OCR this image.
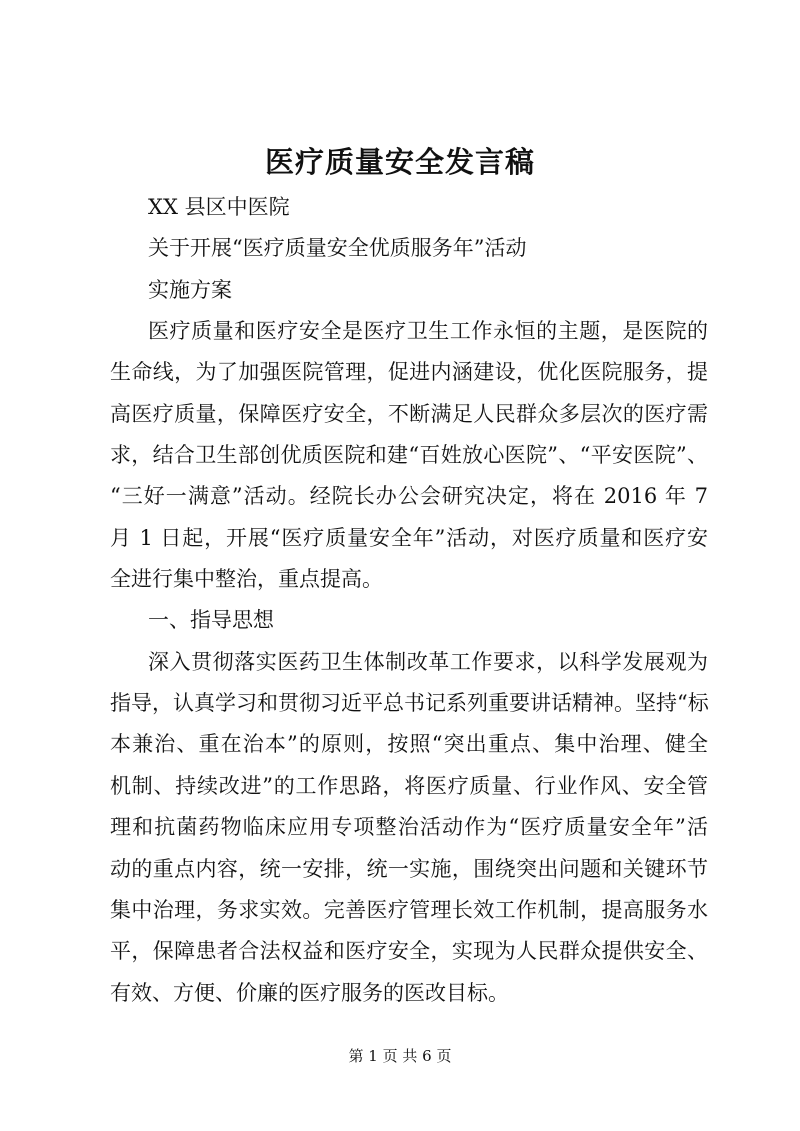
医疗质量安全发言稿
XX 县区中医院
关于开展“医疗质量安全优质服务年”活动
实施方案
医疗质量和医疗安全是医疗卫生工作永恒的主题，是医院的
生命线，为了加强医院管理，促进内涵建设，优化医院服务，提
高医疗质量，保障医疗安全，不断满足人民群众多层次的医疗需
求，结合卫生部创优质医院和建“百姓放心医院”、“平安医院”、
“三好一满意”活动。经院长办公会研究决定，将在 2016 年 7
月 1 日起，开展“医疗质量安全年”活动，对医疗质量和医疗安
全进行集中整治，重点提高。
一、指导思想
深入贯彻落实医药卫生体制改革工作要求，以科学发展观为
指导，认真学习和贯彻习近平总书记系列重要讲话精神。坚持“标
本兼治、重在治本”的原则，按照“突出重点、集中治理、健全
机制、持续改进”的工作思路，将医疗质量、行业作风、安全管
理和抗菌药物临床应用专项整治活动作为“医疗质量安全年”活
动的重点内容，统一安排，统一实施，围绕突出问题和关键环节
集中治理，务求实效。完善医疗管理长效工作机制，提高服务水
平，保障患者合法权益和医疗安全，实现为人民群众提供安全、
有效、方便、价廉的医疗服务的医改目标。
第 1 页 共 6 页
